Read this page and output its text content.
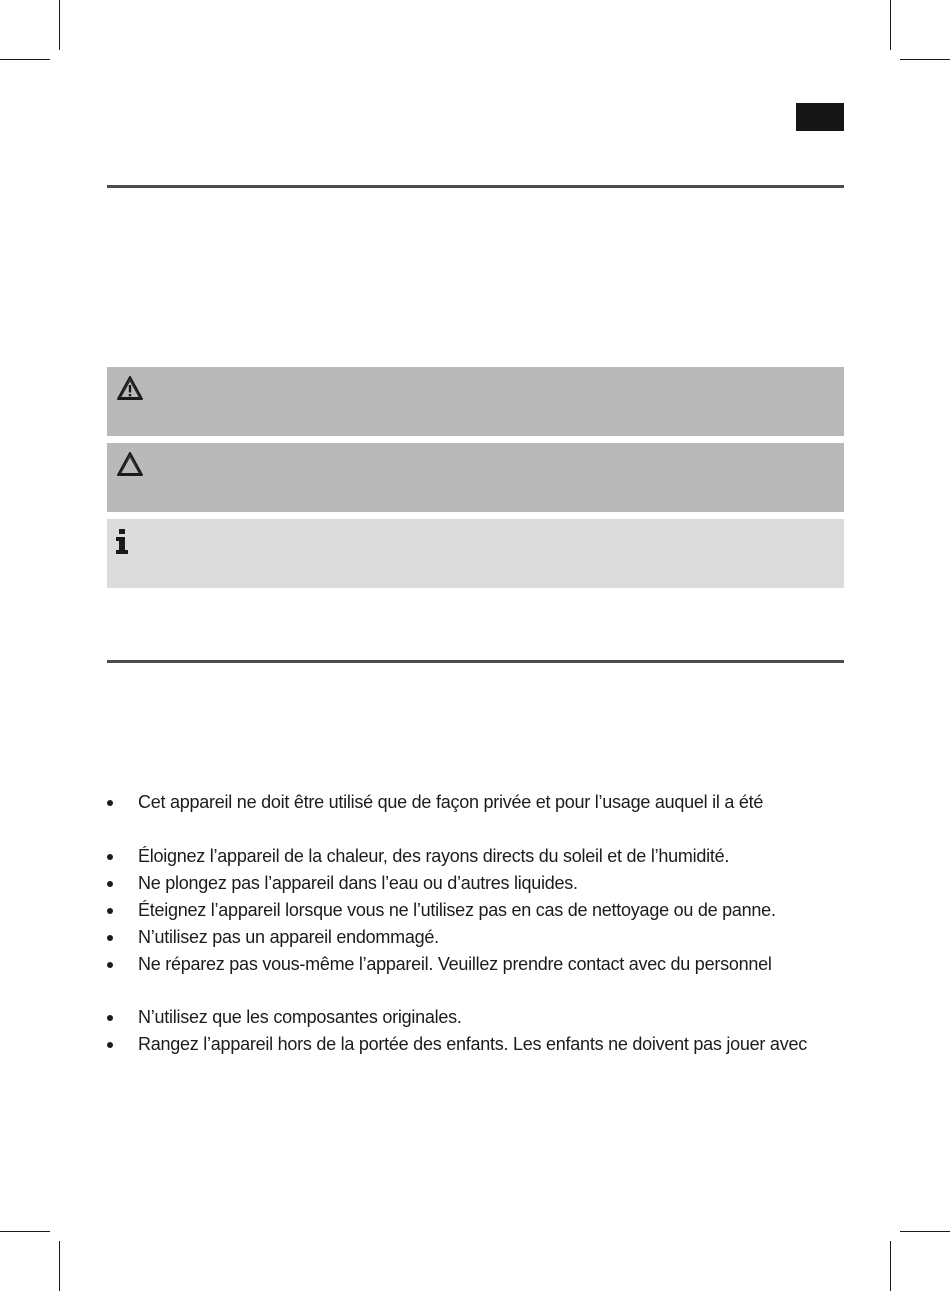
Cet appareil ne doit être utilisé que de façon privée et pour l’usage auquel il a été
Éloignez l’appareil de la chaleur, des rayons directs du soleil et de l’humidité.
Ne plongez pas l’appareil dans l’eau ou d’autres liquides.
Éteignez l’appareil lorsque vous ne l’utilisez pas en cas de nettoyage ou de panne.
N’utilisez pas un appareil endommagé.
Ne réparez pas vous-même l’appareil. Veuillez prendre contact avec du personnel
N’utilisez que les composantes originales.
Rangez l’appareil hors de la portée des enfants. Les enfants ne doivent pas jouer avec
